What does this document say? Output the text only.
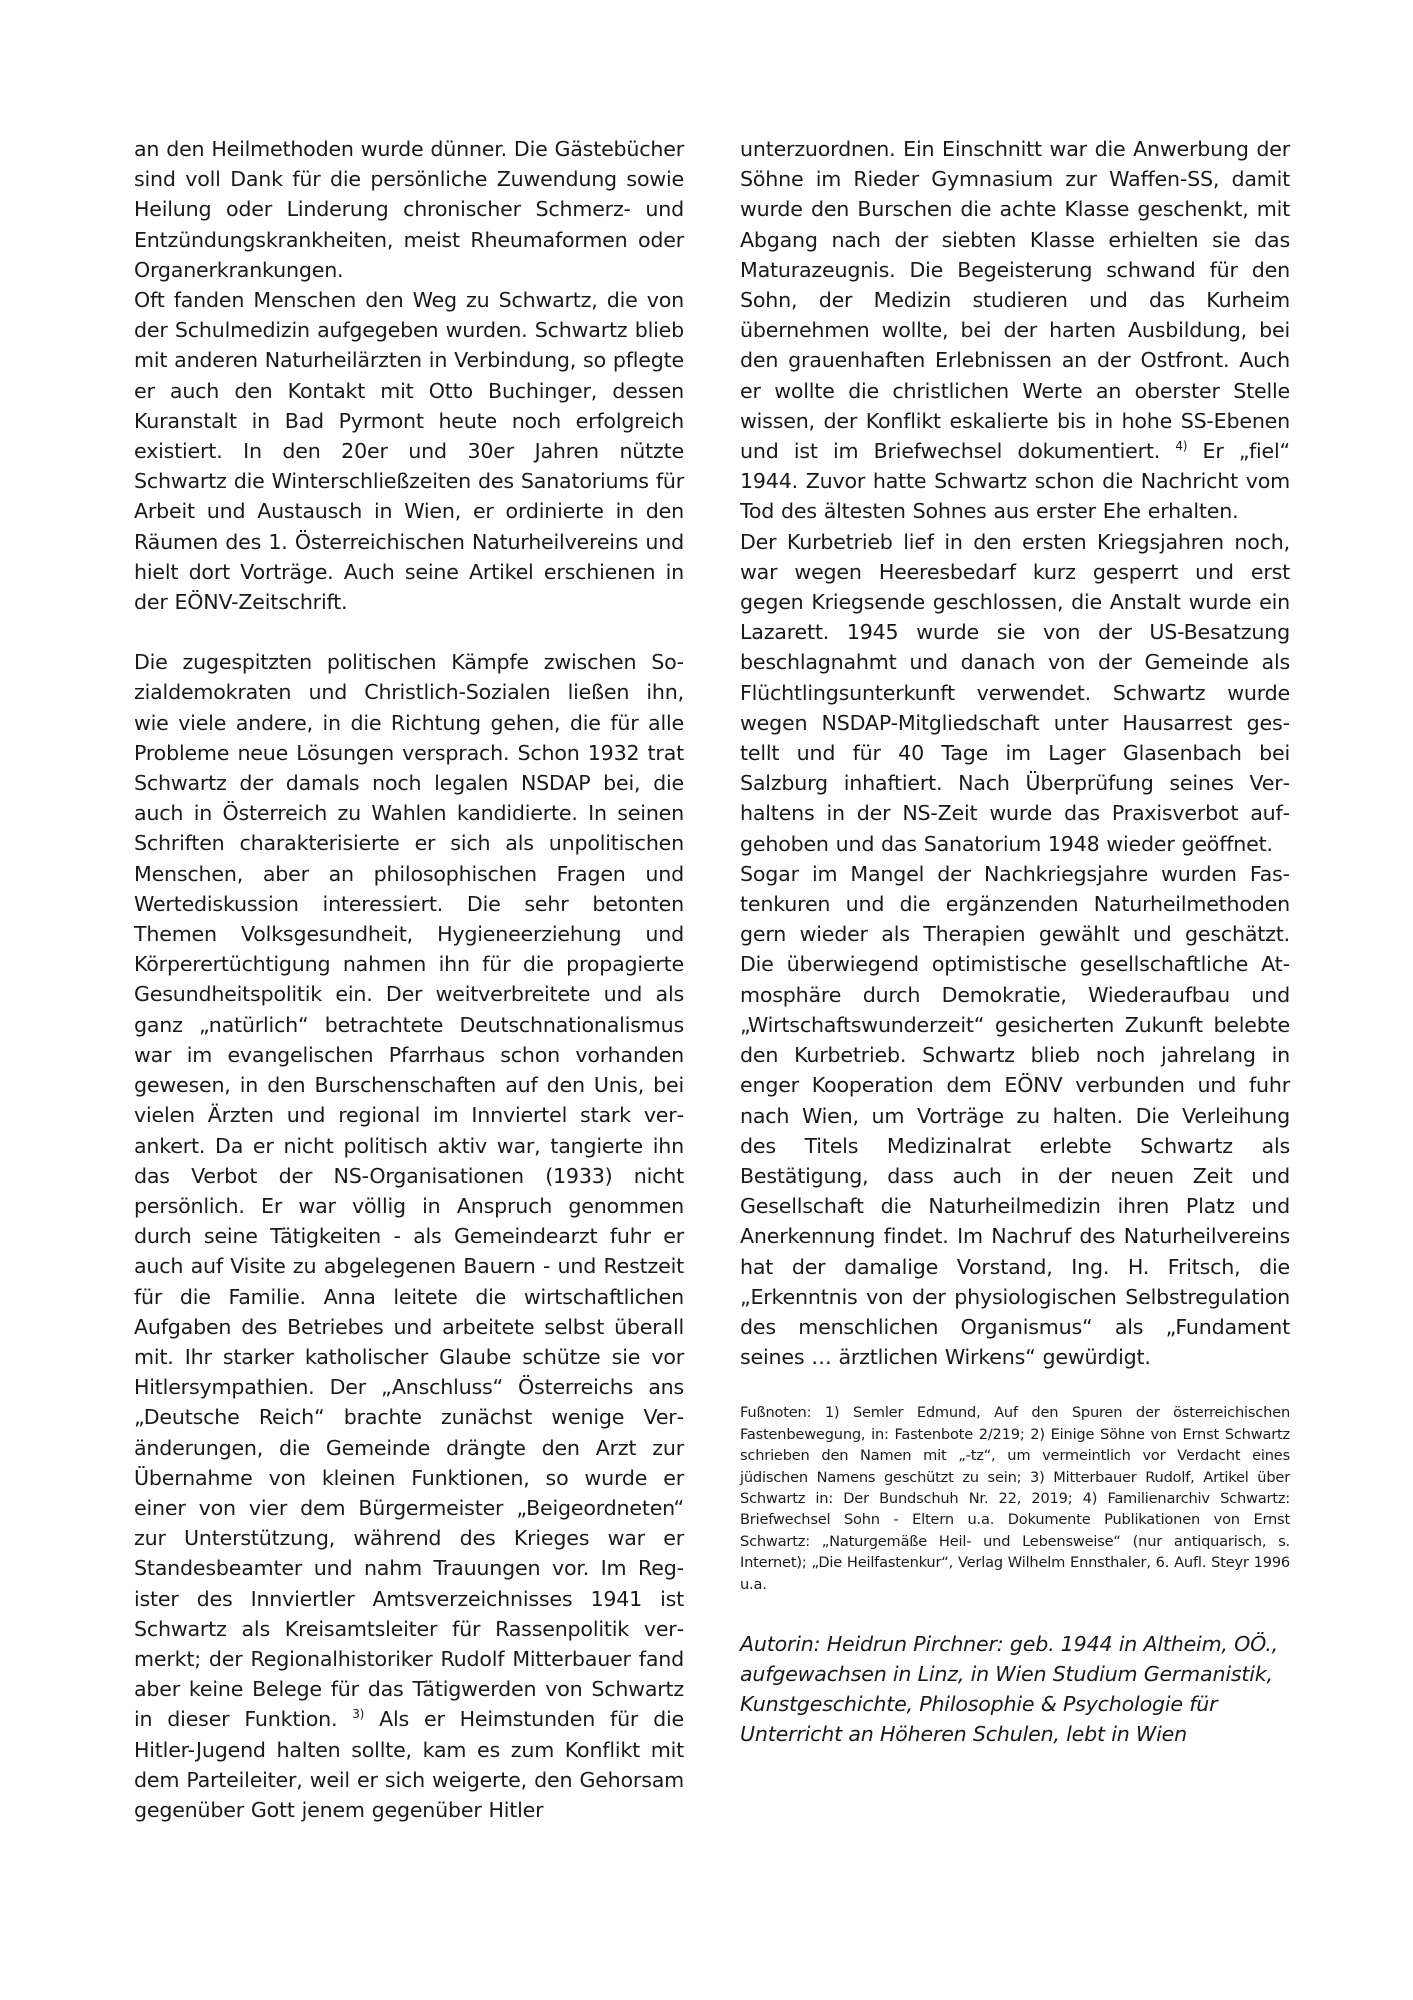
an den Heilmethoden wurde dünner. Die Gästebücher sind voll Dank für die persönliche Zuwendung sowie Heilung oder Linderung chronischer Schmerz- und Entzündungskrankheiten, meist Rheumaformen oder Organerkrankungen.

Oft fanden Menschen den Weg zu Schwartz, die von der Schulmedizin aufgegeben wurden. Schwartz blieb mit anderen Naturheilärzten in Verbindung, so pflegte er auch den Kontakt mit Otto Buchinger, dessen Kuranstalt in Bad Pyrmont heute noch erfolgreich existiert. In den 20er und 30er Jahren nützte Schwartz die Winterschließzeiten des Sanatoriums für Arbeit und Austausch in Wien, er ordinierte in den Räumen des 1. Österreichischen Naturheilvereins und hielt dort Vorträge. Auch seine Artikel erschienen in der EÖNV-Zeitschrift.

Die zugespitzten politischen Kämpfe zwischen Sozialdemokraten und Christlich-Sozialen ließen ihn, wie viele andere, in die Richtung gehen, die für alle Probleme neue Lösungen versprach. Schon 1932 trat Schwartz der damals noch legalen NSDAP bei, die auch in Österreich zu Wahlen kandidierte. In seinen Schriften charakterisierte er sich als unpolitischen Menschen, aber an philosophischen Fragen und Wertediskussion interessiert. Die sehr betonten Themen Volksgesundheit, Hygieneerziehung und Körperertüchtigung nahmen ihn für die propagierte Gesundheitspolitik ein. Der weitverbreitete und als ganz „natürlich“ betrachtete Deutschnationalismus war im evangelischen Pfarrhaus schon vorhanden gewesen, in den Burschenschaften auf den Unis, bei vielen Ärzten und regional im Innviertel stark verankert. Da er nicht politisch aktiv war, tangierte ihn das Verbot der NS-Organisationen (1933) nicht persönlich. Er war völlig in Anspruch genommen durch seine Tätigkeiten - als Gemeindearzt fuhr er auch auf Visite zu abgelegenen Bauern - und Restzeit für die Familie. Anna leitete die wirtschaftlichen Aufgaben des Betriebes und arbeitete selbst überall mit. Ihr starker katholischer Glaube schütze sie vor Hitlersympathien. Der „Anschluss“ Österreichs ans „Deutsche Reich“ brachte zunächst wenige Veränderungen, die Gemeinde drängte den Arzt zur Übernahme von kleinen Funktionen, so wurde er einer von vier dem Bürgermeister „Beigeordneten“ zur Unterstützung, während des Krieges war er Standesbeamter und nahm Trauungen vor. Im Register des Innviertler Amtsverzeichnisses 1941 ist Schwartz als Kreisamtsleiter für Rassenpolitik vermerkt; der Regionalhistoriker Rudolf Mitterbauer fand aber keine Belege für das Tätigwerden von Schwartz in dieser Funktion. $^{3)}$ Als er Heimstunden für die Hitler-Jugend halten sollte, kam es zum Konflikt mit dem Parteileiter, weil er sich weigerte, den Gehorsam gegenüber Gott jenem gegenüber Hitler

unterzuordnen. Ein Einschnitt war die Anwerbung der Söhne im Rieder Gymnasium zur Waffen-SS, damit wurde den Burschen die achte Klasse geschenkt, mit Abgang nach der siebten Klasse erhielten sie das Maturazeugnis. Die Begeisterung schwand für den Sohn, der Medizin studieren und das Kurheim übernehmen wollte, bei der harten Ausbildung, bei den grauenhaften Erlebnissen an der Ostfront. Auch er wollte die christlichen Werte an oberster Stelle wissen, der Konflikt eskalierte bis in hohe SS-Ebenen und ist im Briefwechsel dokumentiert. $^{4)}$ Er „fiel“ 1944. Zuvor hatte Schwartz schon die Nachricht vom Tod des ältesten Sohnes aus erster Ehe erhalten.

Der Kurbetrieb lief in den ersten Kriegsjahren noch, war wegen Heeresbedarf kurz gesperrt und erst gegen Kriegsende geschlossen, die Anstalt wurde ein Lazarett. 1945 wurde sie von der US-Besatzung beschlagnahmt und danach von der Gemeinde als Flüchtlingsunterkunft verwendet. Schwartz wurde wegen NSDAP-Mitgliedschaft unter Hausarrest gestellt und für 40 Tage im Lager Glasenbach bei Salzburg inhaftiert. Nach Überprüfung seines Verhaltens in der NS-Zeit wurde das Praxisverbot aufgehoben und das Sanatorium 1948 wieder geöffnet.

Sogar im Mangel der Nachkriegsjahre wurden Fastenkuren und die ergänzenden Naturheilmethoden gern wieder als Therapien gewählt und geschätzt. Die überwiegend optimistische gesellschaftliche Atmosphäre durch Demokratie, Wiederaufbau und „Wirtschaftswunderzeit“ gesicherten Zukunft belebte den Kurbetrieb. Schwartz blieb noch jahrelang in enger Kooperation dem EÖNV verbunden und fuhr nach Wien, um Vorträge zu halten. Die Verleihung des Titels Medizinalrat erlebte Schwartz als Bestätigung, dass auch in der neuen Zeit und Gesellschaft die Naturheilmedizin ihren Platz und Anerkennung findet. Im Nachruf des Naturheilvereins hat der damalige Vorstand, Ing. H. Fritsch, die „Erkenntnis von der physiologischen Selbstregulation des menschlichen Organismus“ als „Fundament seines … ärztlichen Wirkens“ gewürdigt.

Fußnoten: 1) Semler Edmund, Auf den Spuren der österreichischen Fastenbewegung, in: Fastenbote 2/219; 2) Einige Söhne von Ernst Schwartz schrieben den Namen mit „-tz“, um vermeintlich vor Verdacht eines jüdischen Namens geschützt zu sein; 3) Mitterbauer Rudolf, Artikel über Schwartz in: Der Bundschuh Nr. 22, 2019; 4) Familienarchiv Schwartz: Briefwechsel Sohn - Eltern u.a. Dokumente Publikationen von Ernst Schwartz: „Naturgemäße Heil- und Lebensweise“ (nur antiquarisch, s. Internet); „Die Heilfastenkur“, Verlag Wilhelm Ennsthaler, 6. Aufl. Steyr 1996 u.a.

Autorin: Heidrun Pirchner: geb. 1944 in Altheim, OÖ., aufgewachsen in Linz, in Wien Studium Germanistik, Kunstgeschichte, Philosophie & Psychologie für Unterricht an Höheren Schulen, lebt in Wien
